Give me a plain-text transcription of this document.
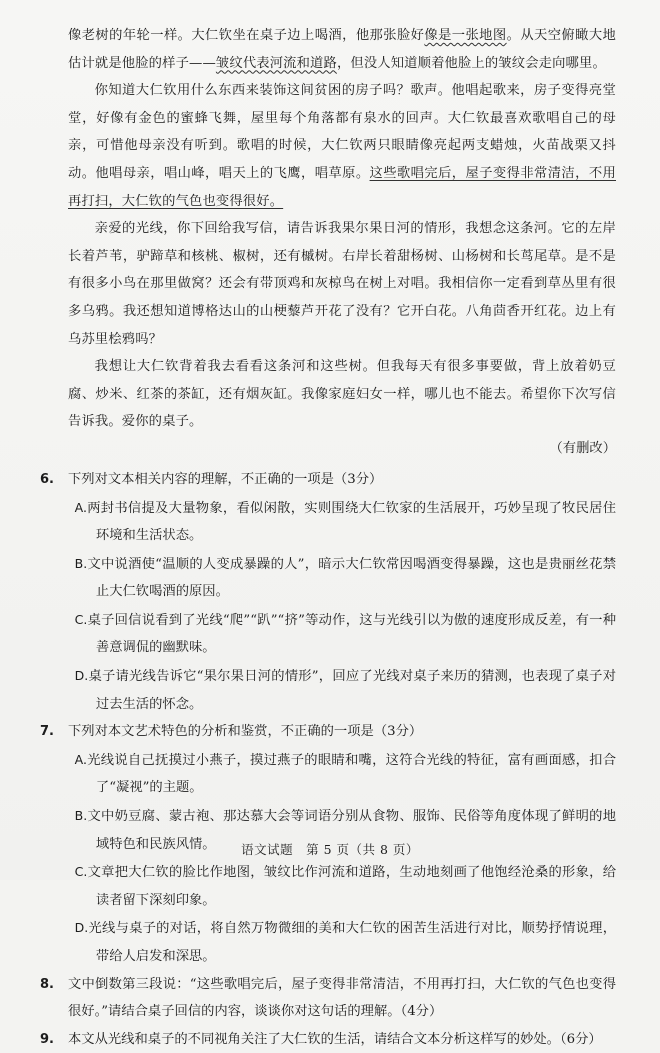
像老树的年轮一样。大仁钦坐在桌子边上喝酒，他那张脸好像是一张地图。从天空俯瞰大地估计就是他脸的样子——皱纹代表河流和道路，但没人知道顺着他脸上的皱纹会走向哪里。

你知道大仁钦用什么东西来装饰这间贫困的房子吗？歌声。他唱起歌来，房子变得亮堂堂，好像有金色的蜜蜂飞舞，屋里每个角落都有泉水的回声。大仁钦最喜欢歌唱自己的母亲，可惜他母亲没有听到。歌唱的时候，大仁钦两只眼睛像亮起两支蜡烛，火苗战栗又抖动。他唱母亲，唱山峰，唱天上的飞鹰，唱草原。这些歌唱完后，屋子变得非常清洁，不用再打扫，大仁钦的气色也变得很好。

亲爱的光线，你下回给我写信，请告诉我果尔果日河的情形，我想念这条河。它的左岸长着芦苇，驴蹄草和核桃、椒树，还有槭树。右岸长着甜杨树、山杨树和长茑尾草。是不是有很多小鸟在那里做窝？还会有带顶鸡和灰椋鸟在树上对唱。我相信你一定看到草丛里有很多乌鸦。我还想知道博格达山的山梗藜芦开花了没有？它开白花。八角茴香开红花。边上有乌苏里桧鸦吗？

我想让大仁钦背着我去看看这条河和这些树。但我每天有很多事要做，背上放着奶豆腐、炒米、红茶的茶缸，还有烟灰缸。我像家庭妇女一样，哪儿也不能去。希望你下次写信告诉我。爱你的桌子。

（有删改）

6. 下列对文本相关内容的理解，不正确的一项是（3分）

A.两封书信提及大量物象，看似闲散，实则围绕大仁钦家的生活展开，巧妙呈现了牧民居住环境和生活状态。

B.文中说酒使“温顺的人变成暴躁的人”，暗示大仁钦常因喝酒变得暴躁，这也是贵丽丝花禁止大仁钦喝酒的原因。

C.桌子回信说看到了光线“爬”“趴”“挤”等动作，这与光线引以为傲的速度形成反差，有一种善意调侃的幽默味。

D.桌子请光线告诉它“果尔果日河的情形”，回应了光线对桌子来历的猜测，也表现了桌子对过去生活的怀念。

7. 下列对本文艺术特色的分析和鉴赏，不正确的一项是（3分）

A.光线说自己抚摸过小燕子，摸过燕子的眼睛和嘴，这符合光线的特征，富有画面感，扣合了“凝视”的主题。

B.文中奶豆腐、蒙古袍、那达慕大会等词语分别从食物、服饰、民俗等角度体现了鲜明的地域特色和民族风情。

C.文章把大仁钦的脸比作地图，皱纹比作河流和道路，生动地刻画了他饱经沧桑的形象，给读者留下深刻印象。

D.光线与桌子的对话，将自然万物微细的美和大仁钦的困苦生活进行对比，顺势抒情说理，带给人启发和深思。

8. 文中倒数第三段说：“这些歌唱完后，屋子变得非常清洁，不用再打扫，大仁钦的气色也变得很好。”请结合桌子回信的内容，谈谈你对这句话的理解。（4分）

9. 本文从光线和桌子的不同视角关注了大仁钦的生活，请结合文本分析这样写的妙处。（6分）

语文试题　第 5 页（共 8 页）
